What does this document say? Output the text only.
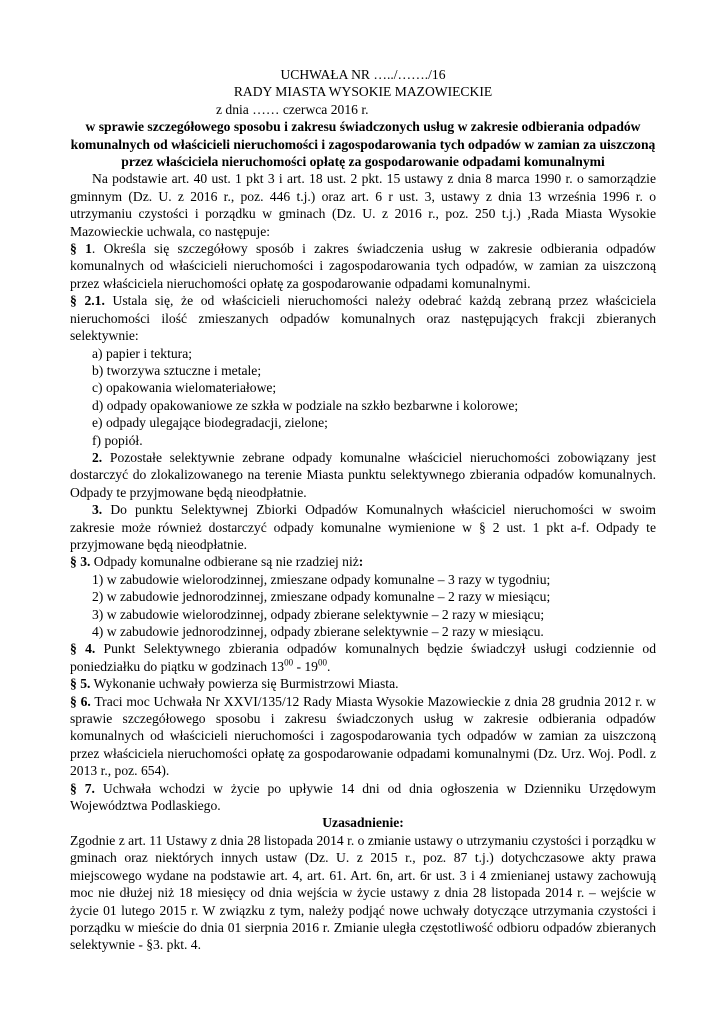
UCHWAŁA NR …../……./16

RADY MIASTA WYSOKIE MAZOWIECKIE

z dnia …… czerwca 2016 r.

w sprawie szczegółowego sposobu i zakresu świadczonych usług w zakresie odbierania odpadów komunalnych od właścicieli nieruchomości i zagospodarowania tych odpadów w zamian za uiszczoną przez właściciela nieruchomości opłatę za gospodarowanie odpadami komunalnymi

Na podstawie art. 40 ust. 1 pkt 3 i art. 18 ust. 2 pkt. 15 ustawy z dnia 8 marca 1990 r. o samorządzie gminnym (Dz. U. z 2016 r., poz. 446 t.j.) oraz art. 6 r ust. 3, ustawy z dnia 13 września 1996 r. o utrzymaniu czystości i porządku w gminach (Dz. U. z 2016 r., poz. 250 t.j.) ,Rada Miasta Wysokie Mazowieckie uchwala, co następuje:

§ 1. Określa się szczegółowy sposób i zakres świadczenia usług w zakresie odbierania odpadów komunalnych od właścicieli nieruchomości i zagospodarowania tych odpadów, w zamian za uiszczoną przez właściciela nieruchomości opłatę za gospodarowanie odpadami komunalnymi.

§ 2.1. Ustala się, że od właścicieli nieruchomości należy odebrać każdą zebraną przez właściciela nieruchomości ilość zmieszanych odpadów komunalnych oraz następujących frakcji zbieranych selektywnie:

a) papier i tektura;

b) tworzywa sztuczne i metale;

c) opakowania wielomateriałowe;

d) odpady opakowaniowe ze szkła w podziale na szkło bezbarwne i kolorowe;

e) odpady ulegające biodegradacji, zielone;

f) popiół.

2. Pozostałe selektywnie zebrane odpady komunalne właściciel nieruchomości zobowiązany jest dostarczyć do zlokalizowanego na terenie Miasta punktu selektywnego zbierania odpadów komunalnych. Odpady te przyjmowane będą nieodpłatnie.

3. Do punktu Selektywnej Zbiorki Odpadów Komunalnych właściciel nieruchomości w swoim zakresie może również dostarczyć odpady komunalne wymienione w § 2 ust. 1 pkt a-f. Odpady te przyjmowane będą nieodpłatnie.

§ 3. Odpady komunalne odbierane są nie rzadziej niż:

1) w zabudowie wielorodzinnej, zmieszane odpady komunalne – 3 razy w tygodniu;

2) w zabudowie jednorodzinnej, zmieszane odpady komunalne – 2 razy w miesiącu;

3) w zabudowie wielorodzinnej, odpady zbierane selektywnie – 2 razy w miesiącu;

4) w zabudowie jednorodzinnej, odpady zbierane selektywnie – 2 razy w miesiącu.

§ 4. Punkt Selektywnego zbierania odpadów komunalnych będzie świadczył usługi codziennie od poniedziałku do piątku w godzinach $13^{00} - 19^{00}$.

§ 5. Wykonanie uchwały powierza się Burmistrzowi Miasta.

§ 6. Traci moc Uchwała Nr XXVI/135/12 Rady Miasta Wysokie Mazowieckie z dnia 28 grudnia 2012 r. w sprawie szczegółowego sposobu i zakresu świadczonych usług w zakresie odbierania odpadów komunalnych od właścicieli nieruchomości i zagospodarowania tych odpadów w zamian za uiszczoną przez właściciela nieruchomości opłatę za gospodarowanie odpadami komunalnymi (Dz. Urz. Woj. Podl. z 2013 r., poz. 654).

§ 7. Uchwała wchodzi w życie po upływie 14 dni od dnia ogłoszenia w Dzienniku Urzędowym Województwa Podlaskiego.

Uzasadnienie:

Zgodnie z art. 11 Ustawy z dnia 28 listopada 2014 r. o zmianie ustawy o utrzymaniu czystości i porządku w gminach oraz niektórych innych ustaw (Dz. U. z 2015 r., poz. 87 t.j.) dotychczasowe akty prawa miejscowego wydane na podstawie art. 4, art. 61. Art. 6n, art. 6r ust. 3 i 4 zmienianej ustawy zachowują moc nie dłużej niż 18 miesięcy od dnia wejścia w życie ustawy z dnia 28 listopada 2014 r. – wejście w życie 01 lutego 2015 r. W związku z tym, należy podjąć nowe uchwały dotyczące utrzymania czystości i porządku w mieście do dnia 01 sierpnia 2016 r. Zmianie uległa częstotliwość odbioru odpadów zbieranych selektywnie - §3. pkt. 4.
